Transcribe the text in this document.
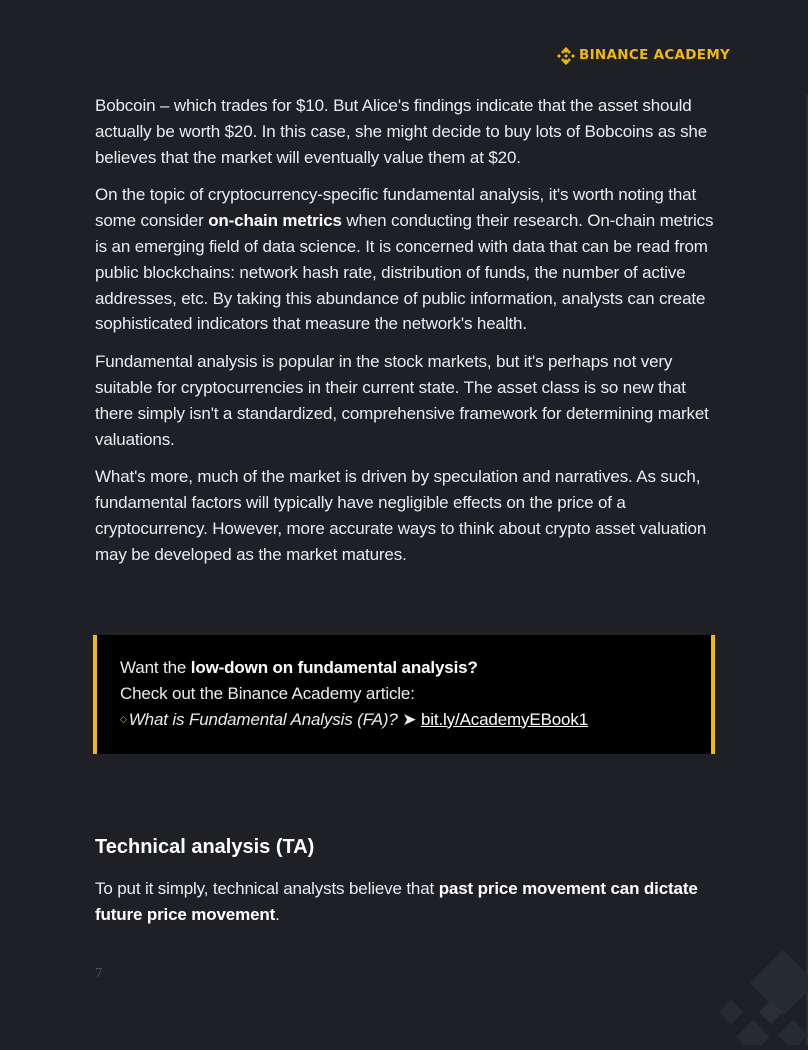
BINANCE ACADEMY

Bobcoin – which trades for $10. But Alice's findings indicate that the asset should actually be worth $20. In this case, she might decide to buy lots of Bobcoins as she believes that the market will eventually value them at $20.

On the topic of cryptocurrency-specific fundamental analysis, it's worth noting that some consider on-chain metrics when conducting their research. On-chain metrics is an emerging field of data science. It is concerned with data that can be read from public blockchains: network hash rate, distribution of funds, the number of active addresses, etc. By taking this abundance of public information, analysts can create sophisticated indicators that measure the network's health.

Fundamental analysis is popular in the stock markets, but it's perhaps not very suitable for cryptocurrencies in their current state. The asset class is so new that there simply isn't a standardized, comprehensive framework for determining market valuations.

What's more, much of the market is driven by speculation and narratives. As such, fundamental factors will typically have negligible effects on the price of a cryptocurrency. However, more accurate ways to think about crypto asset valuation may be developed as the market matures.

Want the low-down on fundamental analysis?
Check out the Binance Academy article:
◇ What is Fundamental Analysis (FA)? ➤ bit.ly/AcademyEBook1
Technical analysis (TA)

To put it simply, technical analysts believe that past price movement can dictate future price movement.

7
